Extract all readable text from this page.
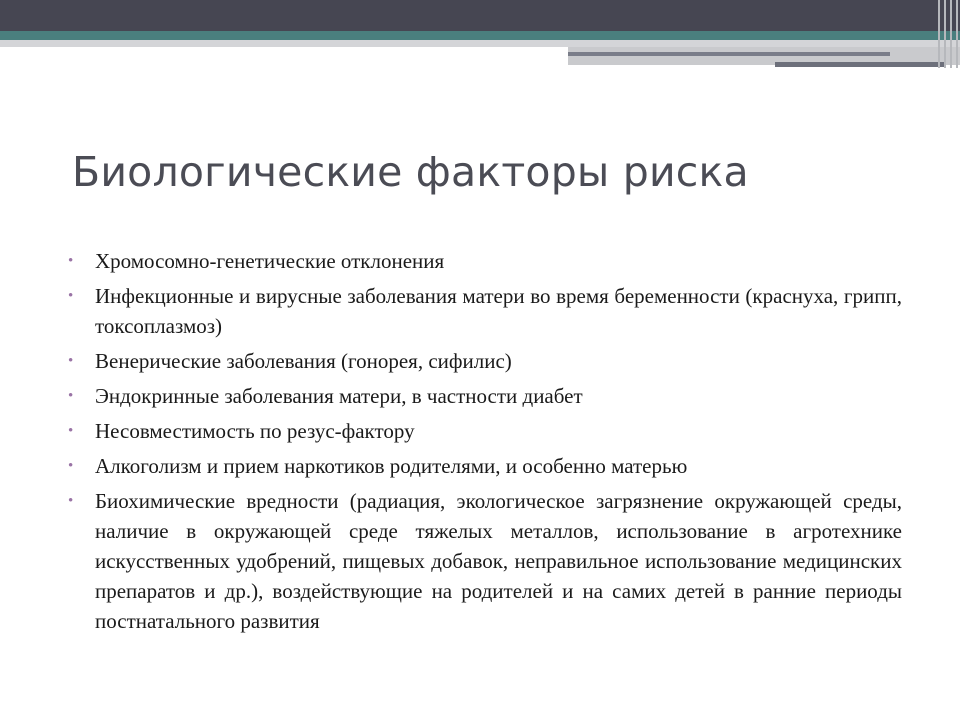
Биологические факторы риска
•	Хромосомно-генетические отклонения
•	Инфекционные и вирусные заболевания матери во время беременности (краснуха, грипп, токсоплазмоз)
•	Венерические заболевания (гонорея, сифилис)
•	Эндокринные заболевания матери, в частности диабет
•	Несовместимость по резус-фактору
•	Алкоголизм и прием наркотиков родителями, и особенно матерью
•	Биохимические вредности (радиация, экологическое загрязнение окружающей среды, наличие в окружающей среде тяжелых металлов, использование в агротехнике искусственных удобрений, пищевых добавок, неправильное использование медицинских препаратов и др.), воздействующие на родителей и на самих детей в ранние периоды постнатального развития
